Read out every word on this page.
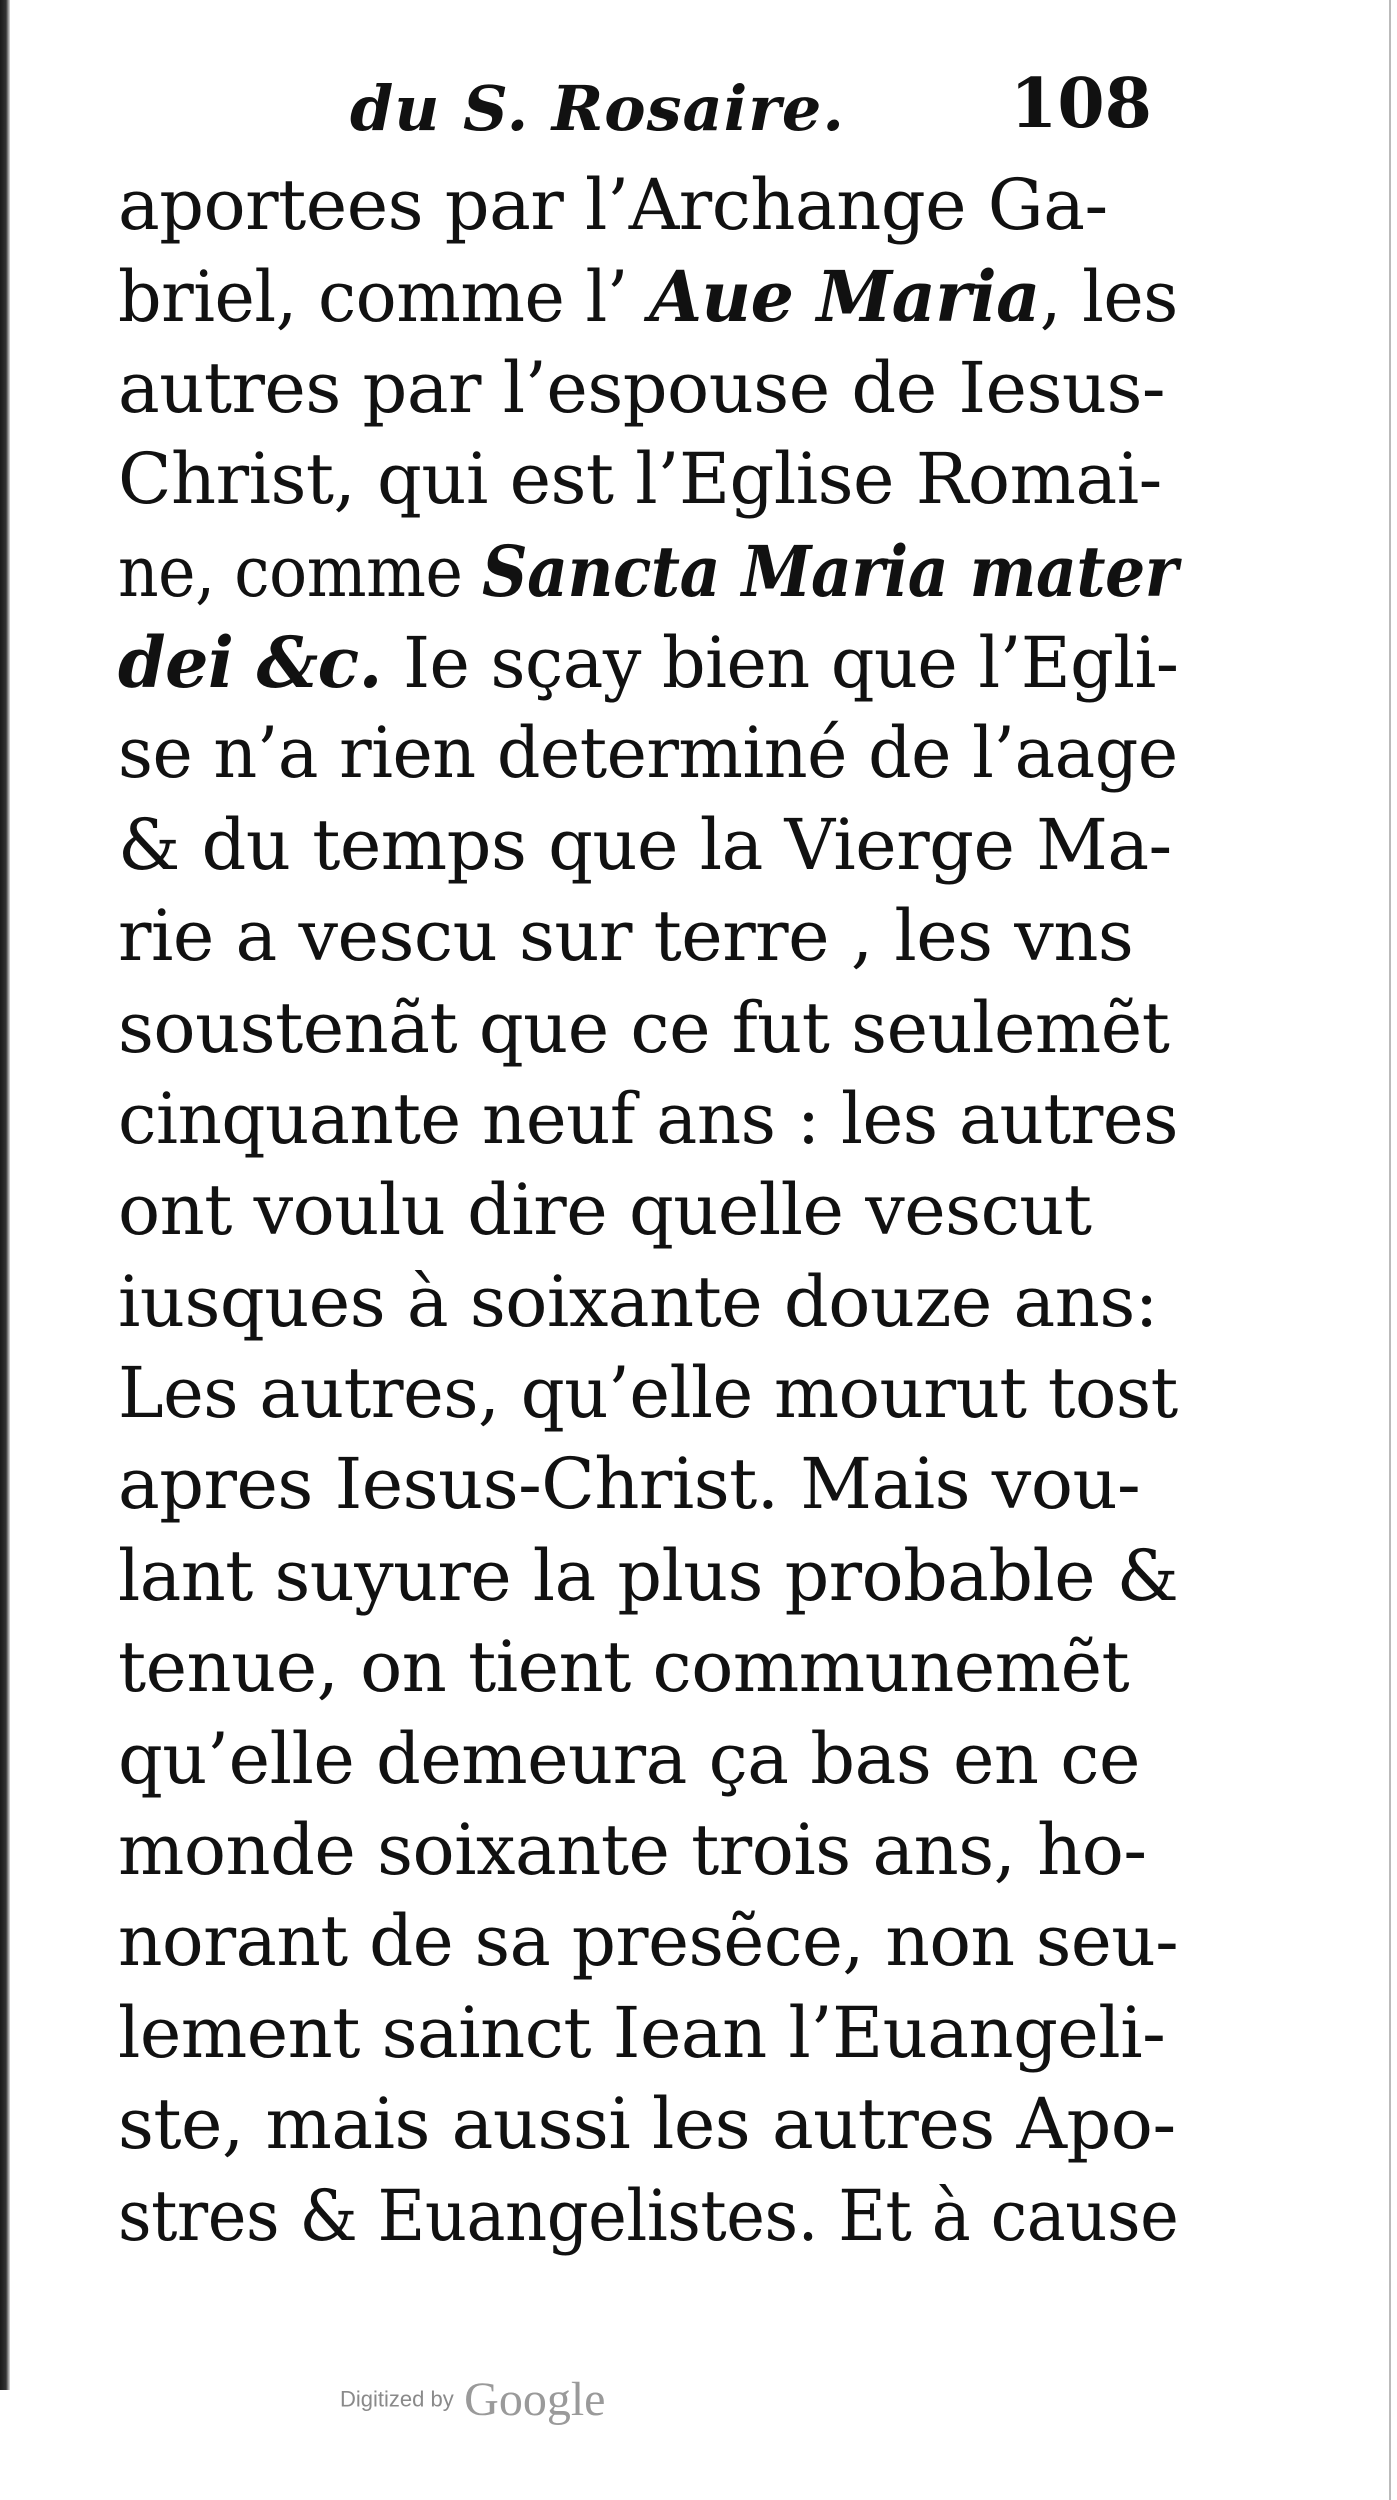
du S. Rosaire. 108
aportees par l’Archange Ga-
briel, comme l’ Aue Maria, les
autres par l’espouse de Iesus-
Christ, qui est l’Eglise Romai-
ne, comme Sancta Maria mater
dei &c. Ie sçay bien que l’Egli-
se n’a rien determiné de l’aage
& du temps que la Vierge Ma-
rie a vescu sur terre , les vns
soustenãt que ce fut seulemẽt
cinquante neuf ans : les autres
ont voulu dire quelle vescut
iusques à soixante douze ans:
Les autres, qu’elle mourut tost
apres Iesus-Christ. Mais vou-
lant suyure la plus probable &
tenue, on tient communemẽt
qu’elle demeura ça bas en ce
monde soixante trois ans, ho-
norant de sa presẽce, non seu-
lement sainct Iean l’Euangeli-
ste, mais aussi les autres Apo-
stres & Euangelistes. Et à cause
Digitized by Google
